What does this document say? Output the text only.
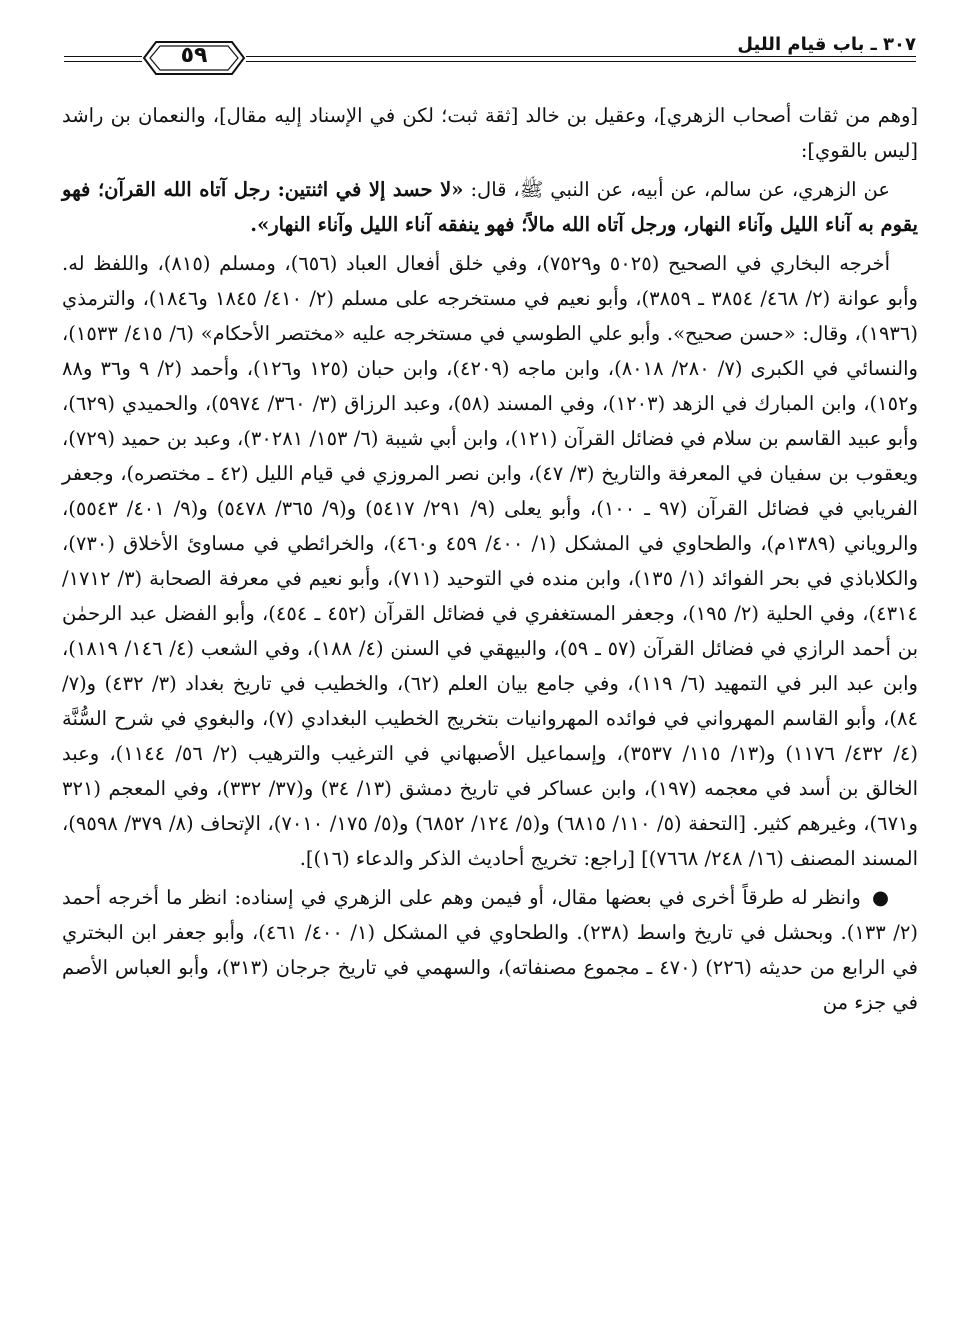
٣٠٧ ـ باب قيام الليل
٥٩

[وهم من ثقات أصحاب الزهري]، وعقيل بن خالد [ثقة ثبت؛ لكن في الإسناد إليه مقال]، والنعمان بن راشد [ليس بالقوي]:

عن الزهري، عن سالم، عن أبيه، عن النبي ﷺ، قال: «لا حسد إلا في اثنتين: رجل آتاه الله القرآن؛ فهو يقوم به آناء الليل وآناء النهار، ورجل آتاه الله مالاً؛ فهو ينفقه آناء الليل وآناء النهار».

أخرجه البخاري في الصحيح (٥٠٢٥ و٧٥٢٩)، وفي خلق أفعال العباد (٦٥٦)، ومسلم (٨١٥)، واللفظ له. وأبو عوانة (٢/ ٤٦٨/ ٣٨٥٤ ـ ٣٨٥٩)، وأبو نعيم في مستخرجه على مسلم (٢/ ٤١٠/ ١٨٤٥ و١٨٤٦)، والترمذي (١٩٣٦)، وقال: «حسن صحيح». وأبو علي الطوسي في مستخرجه عليه «مختصر الأحكام» (٦/ ٤١٥/ ١٥٣٣)، والنسائي في الكبرى (٧/ ٢٨٠/ ٨٠١٨)، وابن ماجه (٤٢٠٩)، وابن حبان (١٢٥ و١٢٦)، وأحمد (٢/ ٩ و٣٦ و٨٨ و١٥٢)، وابن المبارك في الزهد (١٢٠٣)، وفي المسند (٥٨)، وعبد الرزاق (٣/ ٣٦٠/ ٥٩٧٤)، والحميدي (٦٢٩)، وأبو عبيد القاسم بن سلام في فضائل القرآن (١٢١)، وابن أبي شيبة (٦/ ١٥٣/ ٣٠٢٨١)، وعبد بن حميد (٧٢٩)، ويعقوب بن سفيان في المعرفة والتاريخ (٣/ ٤٧)، وابن نصر المروزي في قيام الليل (٤٢ ـ مختصره)، وجعفر الفريابي في فضائل القرآن (٩٧ ـ ١٠٠)، وأبو يعلى (٩/ ٢٩١/ ٥٤١٧) و(٩/ ٣٦٥/ ٥٤٧٨) و(٩/ ٤٠١/ ٥٥٤٣)، والروياني (١٣٨٩م)، والطحاوي في المشكل (١/ ٤٠٠/ ٤٥٩ و٤٦٠)، والخرائطي في مساوئ الأخلاق (٧٣٠)، والكلاباذي في بحر الفوائد (١/ ١٣٥)، وابن منده في التوحيد (٧١١)، وأبو نعيم في معرفة الصحابة (٣/ ١٧١٢/ ٤٣١٤)، وفي الحلية (٢/ ١٩٥)، وجعفر المستغفري في فضائل القرآن (٤٥٢ ـ ٤٥٤)، وأبو الفضل عبد الرحمٰن بن أحمد الرازي في فضائل القرآن (٥٧ ـ ٥٩)، والبيهقي في السنن (٤/ ١٨٨)، وفي الشعب (٤/ ١٤٦/ ١٨١٩)، وابن عبد البر في التمهيد (٦/ ١١٩)، وفي جامع بيان العلم (٦٢)، والخطيب في تاريخ بغداد (٣/ ٤٣٢) و(٧/ ٨٤)، وأبو القاسم المهرواني في فوائده المهروانيات بتخريج الخطيب البغدادي (٧)، والبغوي في شرح السُّنَّة (٤/ ٤٣٢/ ١١٧٦) و(١٣/ ١١٥/ ٣٥٣٧)، وإسماعيل الأصبهاني في الترغيب والترهيب (٢/ ٥٦/ ١١٤٤)، وعبد الخالق بن أسد في معجمه (١٩٧)، وابن عساكر في تاريخ دمشق (١٣/ ٣٤) و(٣٧/ ٣٣٢)، وفي المعجم (٣٢١ و٦٧١)، وغيرهم كثير. [التحفة (٥/ ١١٠/ ٦٨١٥) و(٥/ ١٢٤/ ٦٨٥٢) و(٥/ ١٧٥/ ٧٠١٠)، الإتحاف (٨/ ٣٧٩/ ٩٥٩٨)، المسند المصنف (١٦/ ٢٤٨/ ٧٦٦٨)] [راجع: تخريج أحاديث الذكر والدعاء (١٦)].

● وانظر له طرقاً أخرى في بعضها مقال، أو فيمن وهم على الزهري في إسناده: انظر ما أخرجه أحمد (٢/ ١٣٣). وبحشل في تاريخ واسط (٢٣٨). والطحاوي في المشكل (١/ ٤٠٠/ ٤٦١)، وأبو جعفر ابن البختري في الرابع من حديثه (٢٢٦) (٤٧٠ ـ مجموع مصنفاته)، والسهمي في تاريخ جرجان (٣١٣)، وأبو العباس الأصم في جزء من
